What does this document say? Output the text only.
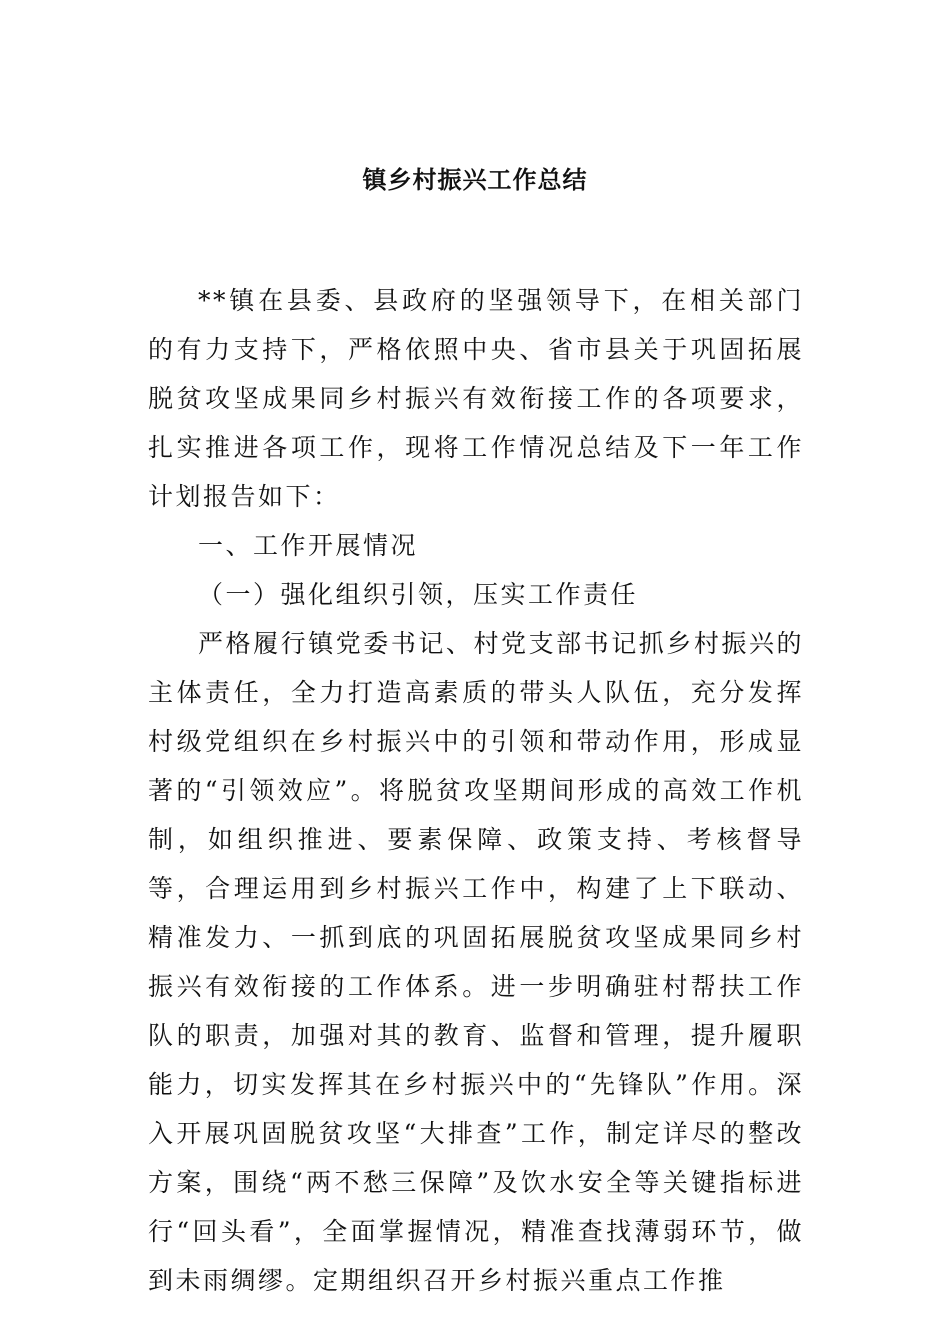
镇乡村振兴工作总结

**镇在县委、县政府的坚强领导下，在相关部门的有力支持下，严格依照中央、省市县关于巩固拓展脱贫攻坚成果同乡村振兴有效衔接工作的各项要求，扎实推进各项工作，现将工作情况总结及下一年工作计划报告如下：

一、工作开展情况

（一）强化组织引领，压实工作责任

严格履行镇党委书记、村党支部书记抓乡村振兴的主体责任，全力打造高素质的带头人队伍，充分发挥村级党组织在乡村振兴中的引领和带动作用，形成显著的“引领效应”。将脱贫攻坚期间形成的高效工作机制，如组织推进、要素保障、政策支持、考核督导等，合理运用到乡村振兴工作中，构建了上下联动、精准发力、一抓到底的巩固拓展脱贫攻坚成果同乡村振兴有效衔接的工作体系。进一步明确驻村帮扶工作队的职责，加强对其的教育、监督和管理，提升履职能力，切实发挥其在乡村振兴中的“先锋队”作用。深入开展巩固脱贫攻坚“大排查”工作，制定详尽的整改方案，围绕“两不愁三保障”及饮水安全等关键指标进行“回头看”，全面掌握情况，精准查找薄弱环节，做到未雨绸缪。定期组织召开乡村振兴重点工作推
